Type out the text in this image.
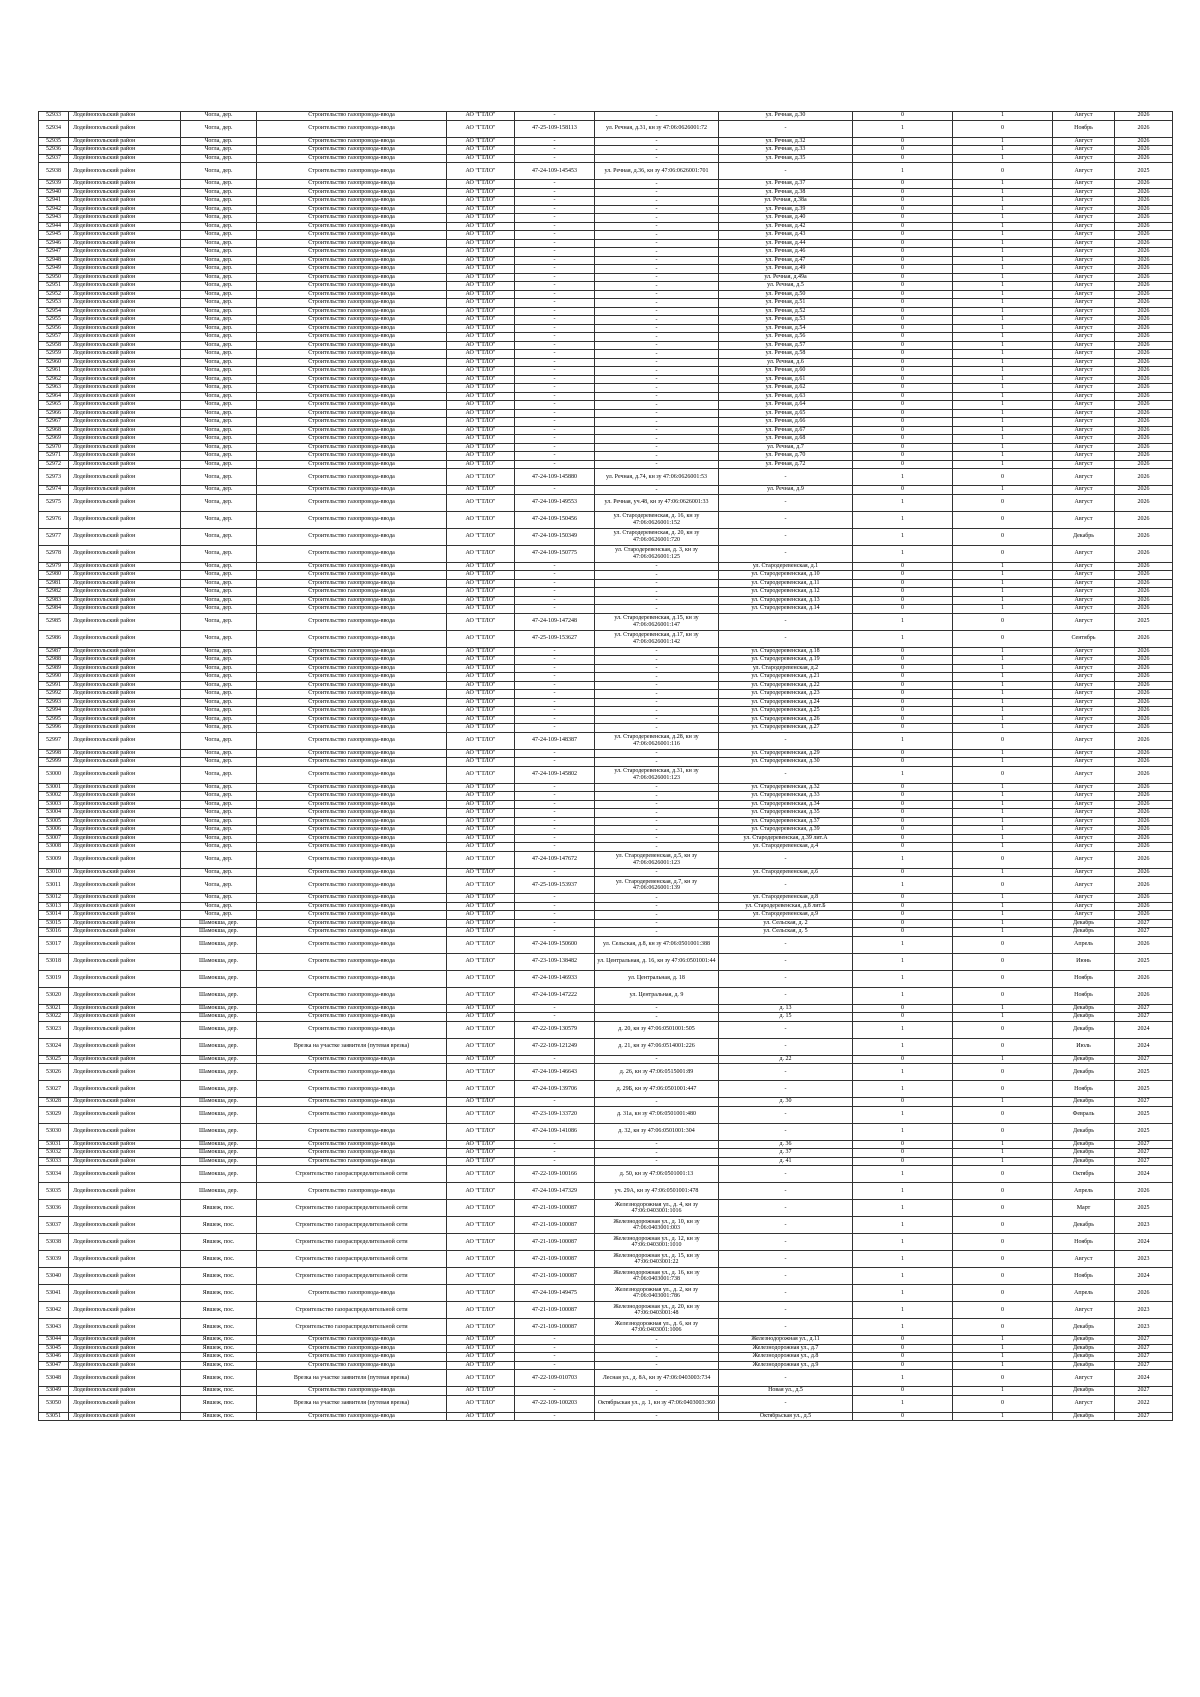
52933	Лодейнопольский район	Чогла, дер.	Строительство газопровода-ввода	АО "ГТЛО"	-	-	ул. Речная, д.30	0	1	Август	2026
52934	Лодейнопольский район	Чогла, дер.	Строительство газопровода-ввода	АО "ГТЛО"	47-25-109-158113	ул. Речная, д.31, кн зу 47:06:0626001:72	-	1	0	Ноябрь	2026
52935	Лодейнопольский район	Чогла, дер.	Строительство газопровода-ввода	АО "ГТЛО"	-	-	ул. Речная, д.32	0	1	Август	2026
52936	Лодейнопольский район	Чогла, дер.	Строительство газопровода-ввода	АО "ГТЛО"	-	-	ул. Речная, д.33	0	1	Август	2026
52937	Лодейнопольский район	Чогла, дер.	Строительство газопровода-ввода	АО "ГТЛО"	-	-	ул. Речная, д.35	0	1	Август	2026
52938	Лодейнопольский район	Чогла, дер.	Строительство газопровода-ввода	АО "ГТЛО"	47-24-109-145453	ул. Речная, д.36, кн зу 47:06:0626001:701	-	1	0	Август	2025
52939	Лодейнопольский район	Чогла, дер.	Строительство газопровода-ввода	АО "ГТЛО"	-	-	ул. Речная, д.37	0	1	Август	2026
52940	Лодейнопольский район	Чогла, дер.	Строительство газопровода-ввода	АО "ГТЛО"	-	-	ул. Речная, д.38	0	1	Август	2026
52941	Лодейнопольский район	Чогла, дер.	Строительство газопровода-ввода	АО "ГТЛО"	-	-	ул. Речная, д.38а	0	1	Август	2026
52942	Лодейнопольский район	Чогла, дер.	Строительство газопровода-ввода	АО "ГТЛО"	-	-	ул. Речная, д.39	0	1	Август	2026
52943	Лодейнопольский район	Чогла, дер.	Строительство газопровода-ввода	АО "ГТЛО"	-	-	ул. Речная, д.40	0	1	Август	2026
52944	Лодейнопольский район	Чогла, дер.	Строительство газопровода-ввода	АО "ГТЛО"	-	-	ул. Речная, д.42	0	1	Август	2026
52945	Лодейнопольский район	Чогла, дер.	Строительство газопровода-ввода	АО "ГТЛО"	-	-	ул. Речная, д.43	0	1	Август	2026
52946	Лодейнопольский район	Чогла, дер.	Строительство газопровода-ввода	АО "ГТЛО"	-	-	ул. Речная, д.44	0	1	Август	2026
52947	Лодейнопольский район	Чогла, дер.	Строительство газопровода-ввода	АО "ГТЛО"	-	-	ул. Речная, д.46	0	1	Август	2026
52948	Лодейнопольский район	Чогла, дер.	Строительство газопровода-ввода	АО "ГТЛО"	-	-	ул. Речная, д.47	0	1	Август	2026
52949	Лодейнопольский район	Чогла, дер.	Строительство газопровода-ввода	АО "ГТЛО"	-	-	ул. Речная, д.49	0	1	Август	2026
52950	Лодейнопольский район	Чогла, дер.	Строительство газопровода-ввода	АО "ГТЛО"	-	-	ул. Речная, д.49а	0	1	Август	2026
52951	Лодейнопольский район	Чогла, дер.	Строительство газопровода-ввода	АО "ГТЛО"	-	-	ул. Речная, д.5	0	1	Август	2026
52952	Лодейнопольский район	Чогла, дер.	Строительство газопровода-ввода	АО "ГТЛО"	-	-	ул. Речная, д.50	0	1	Август	2026
52953	Лодейнопольский район	Чогла, дер.	Строительство газопровода-ввода	АО "ГТЛО"	-	-	ул. Речная, д.51	0	1	Август	2026
52954	Лодейнопольский район	Чогла, дер.	Строительство газопровода-ввода	АО "ГТЛО"	-	-	ул. Речная, д.52	0	1	Август	2026
52955	Лодейнопольский район	Чогла, дер.	Строительство газопровода-ввода	АО "ГТЛО"	-	-	ул. Речная, д.53	0	1	Август	2026
52956	Лодейнопольский район	Чогла, дер.	Строительство газопровода-ввода	АО "ГТЛО"	-	-	ул. Речная, д.54	0	1	Август	2026
52957	Лодейнопольский район	Чогла, дер.	Строительство газопровода-ввода	АО "ГТЛО"	-	-	ул. Речная, д.56	0	1	Август	2026
52958	Лодейнопольский район	Чогла, дер.	Строительство газопровода-ввода	АО "ГТЛО"	-	-	ул. Речная, д.57	0	1	Август	2026
52959	Лодейнопольский район	Чогла, дер.	Строительство газопровода-ввода	АО "ГТЛО"	-	-	ул. Речная, д.58	0	1	Август	2026
52960	Лодейнопольский район	Чогла, дер.	Строительство газопровода-ввода	АО "ГТЛО"	-	-	ул. Речная, д.6	0	1	Август	2026
52961	Лодейнопольский район	Чогла, дер.	Строительство газопровода-ввода	АО "ГТЛО"	-	-	ул. Речная, д.60	0	1	Август	2026
52962	Лодейнопольский район	Чогла, дер.	Строительство газопровода-ввода	АО "ГТЛО"	-	-	ул. Речная, д.61	0	1	Август	2026
52963	Лодейнопольский район	Чогла, дер.	Строительство газопровода-ввода	АО "ГТЛО"	-	-	ул. Речная, д.62	0	1	Август	2026
52964	Лодейнопольский район	Чогла, дер.	Строительство газопровода-ввода	АО "ГТЛО"	-	-	ул. Речная, д.63	0	1	Август	2026
52965	Лодейнопольский район	Чогла, дер.	Строительство газопровода-ввода	АО "ГТЛО"	-	-	ул. Речная, д.64	0	1	Август	2026
52966	Лодейнопольский район	Чогла, дер.	Строительство газопровода-ввода	АО "ГТЛО"	-	-	ул. Речная, д.65	0	1	Август	2026
52967	Лодейнопольский район	Чогла, дер.	Строительство газопровода-ввода	АО "ГТЛО"	-	-	ул. Речная, д.66	0	1	Август	2026
52968	Лодейнопольский район	Чогла, дер.	Строительство газопровода-ввода	АО "ГТЛО"	-	-	ул. Речная, д.67	0	1	Август	2026
52969	Лодейнопольский район	Чогла, дер.	Строительство газопровода-ввода	АО "ГТЛО"	-	-	ул. Речная, д.68	0	1	Август	2026
52970	Лодейнопольский район	Чогла, дер.	Строительство газопровода-ввода	АО "ГТЛО"	-	-	ул. Речная, д.7	0	1	Август	2026
52971	Лодейнопольский район	Чогла, дер.	Строительство газопровода-ввода	АО "ГТЛО"	-	-	ул. Речная, д.70	0	1	Август	2026
52972	Лодейнопольский район	Чогла, дер.	Строительство газопровода-ввода	АО "ГТЛО"	-	-	ул. Речная, д.72	0	1	Август	2026
52973	Лодейнопольский район	Чогла, дер.	Строительство газопровода-ввода	АО "ГТЛО"	47-24-109-145880	ул. Речная, д.74, кн зу 47:06:0626001:53	-	1	0	Август	2026
52974	Лодейнопольский район	Чогла, дер.	Строительство газопровода-ввода	АО "ГТЛО"	-	-	ул. Речная, д.9	0	1	Август	2026
52975	Лодейнопольский район	Чогла, дер.	Строительство газопровода-ввода	АО "ГТЛО"	47-24-109-149553	ул. Речная, уч.48, кн зу 47:06:0626001:33	-	1	0	Август	2026
52976	Лодейнопольский район	Чогла, дер.	Строительство газопровода-ввода	АО "ГТЛО"	47-24-109-150456	ул. Стародеревенская, д. 16, кн зу 47:06:0626001:152	-	1	0	Август	2026
52977	Лодейнопольский район	Чогла, дер.	Строительство газопровода-ввода	АО "ГТЛО"	47-24-109-150349	ул. Стародеревенская, д. 20, кн зу 47:06:0626001:720	-	1	0	Декабрь	2026
52978	Лодейнопольский район	Чогла, дер.	Строительство газопровода-ввода	АО "ГТЛО"	47-24-109-150775	ул. Стародеревенская, д. 3, кн зу 47:06:0626001:125	-	1	0	Август	2026
52979	Лодейнопольский район	Чогла, дер.	Строительство газопровода-ввода	АО "ГТЛО"	-	-	ул. Стародеревенская, д.1	0	1	Август	2026
52980	Лодейнопольский район	Чогла, дер.	Строительство газопровода-ввода	АО "ГТЛО"	-	-	ул. Стародеревенская, д.10	0	1	Август	2026
52981	Лодейнопольский район	Чогла, дер.	Строительство газопровода-ввода	АО "ГТЛО"	-	-	ул. Стародеревенская, д.11	0	1	Август	2026
52982	Лодейнопольский район	Чогла, дер.	Строительство газопровода-ввода	АО "ГТЛО"	-	-	ул. Стародеревенская, д.12	0	1	Август	2026
52983	Лодейнопольский район	Чогла, дер.	Строительство газопровода-ввода	АО "ГТЛО"	-	-	ул. Стародеревенская, д.13	0	1	Август	2026
52984	Лодейнопольский район	Чогла, дер.	Строительство газопровода-ввода	АО "ГТЛО"	-	-	ул. Стародеревенская, д.14	0	1	Август	2026
52985	Лодейнопольский район	Чогла, дер.	Строительство газопровода-ввода	АО "ГТЛО"	47-24-109-147248	ул. Стародеревенская, д.15, кн зу 47:06:0626001:147	-	1	0	Август	2025
52986	Лодейнопольский район	Чогла, дер.	Строительство газопровода-ввода	АО "ГТЛО"	47-25-109-153627	ул. Стародеревенская, д.17, кн зу 47:06:0626001:142	-	1	0	Сентябрь	2026
52987	Лодейнопольский район	Чогла, дер.	Строительство газопровода-ввода	АО "ГТЛО"	-	-	ул. Стародеревенская, д.18	0	1	Август	2026
52988	Лодейнопольский район	Чогла, дер.	Строительство газопровода-ввода	АО "ГТЛО"	-	-	ул. Стародеревенская, д.19	0	1	Август	2026
52989	Лодейнопольский район	Чогла, дер.	Строительство газопровода-ввода	АО "ГТЛО"	-	-	ул. Стародеревенская, д.2	0	1	Август	2026
52990	Лодейнопольский район	Чогла, дер.	Строительство газопровода-ввода	АО "ГТЛО"	-	-	ул. Стародеревенская, д.21	0	1	Август	2026
52991	Лодейнопольский район	Чогла, дер.	Строительство газопровода-ввода	АО "ГТЛО"	-	-	ул. Стародеревенская, д.22	0	1	Август	2026
52992	Лодейнопольский район	Чогла, дер.	Строительство газопровода-ввода	АО "ГТЛО"	-	-	ул. Стародеревенская, д.23	0	1	Август	2026
52993	Лодейнопольский район	Чогла, дер.	Строительство газопровода-ввода	АО "ГТЛО"	-	-	ул. Стародеревенская, д.24	0	1	Август	2026
52994	Лодейнопольский район	Чогла, дер.	Строительство газопровода-ввода	АО "ГТЛО"	-	-	ул. Стародеревенская, д.25	0	1	Август	2026
52995	Лодейнопольский район	Чогла, дер.	Строительство газопровода-ввода	АО "ГТЛО"	-	-	ул. Стародеревенская, д.26	0	1	Август	2026
52996	Лодейнопольский район	Чогла, дер.	Строительство газопровода-ввода	АО "ГТЛО"	-	-	ул. Стародеревенская, д.27	0	1	Август	2026
52997	Лодейнопольский район	Чогла, дер.	Строительство газопровода-ввода	АО "ГТЛО"	47-24-109-148387	ул. Стародеревенская, д.28, кн зу 47:06:0626001:116	-	1	0	Август	2026
52998	Лодейнопольский район	Чогла, дер.	Строительство газопровода-ввода	АО "ГТЛО"	-	-	ул. Стародеревенская, д.29	0	1	Август	2026
52999	Лодейнопольский район	Чогла, дер.	Строительство газопровода-ввода	АО "ГТЛО"	-	-	ул. Стародеревенская, д.30	0	1	Август	2026
53000	Лодейнопольский район	Чогла, дер.	Строительство газопровода-ввода	АО "ГТЛО"	47-24-109-145802	ул. Стародеревенская, д.31, кн зу 47:06:0626001:123	-	1	0	Август	2026
53001	Лодейнопольский район	Чогла, дер.	Строительство газопровода-ввода	АО "ГТЛО"	-	-	ул. Стародеревенская, д.32	0	1	Август	2026
53002	Лодейнопольский район	Чогла, дер.	Строительство газопровода-ввода	АО "ГТЛО"	-	-	ул. Стародеревенская, д.33	0	1	Август	2026
53003	Лодейнопольский район	Чогла, дер.	Строительство газопровода-ввода	АО "ГТЛО"	-	-	ул. Стародеревенская, д.34	0	1	Август	2026
53004	Лодейнопольский район	Чогла, дер.	Строительство газопровода-ввода	АО "ГТЛО"	-	-	ул. Стародеревенская, д.35	0	1	Август	2026
53005	Лодейнопольский район	Чогла, дер.	Строительство газопровода-ввода	АО "ГТЛО"	-	-	ул. Стародеревенская, д.37	0	1	Август	2026
53006	Лодейнопольский район	Чогла, дер.	Строительство газопровода-ввода	АО "ГТЛО"	-	-	ул. Стародеревенская, д.39	0	1	Август	2026
53007	Лодейнопольский район	Чогла, дер.	Строительство газопровода-ввода	АО "ГТЛО"	-	-	ул. Стародеревенская, д.39 лит.А	0	1	Август	2026
53008	Лодейнопольский район	Чогла, дер.	Строительство газопровода-ввода	АО "ГТЛО"	-	-	ул. Стародеревенская, д.4	0	1	Август	2026
53009	Лодейнопольский район	Чогла, дер.	Строительство газопровода-ввода	АО "ГТЛО"	47-24-109-147672	ул. Стародеревенская, д.5, кн зу 47:06:0626001:123	-	1	0	Август	2026
53010	Лодейнопольский район	Чогла, дер.	Строительство газопровода-ввода	АО "ГТЛО"	-	-	ул. Стародеревенская, д.6	0	1	Август	2026
53011	Лодейнопольский район	Чогла, дер.	Строительство газопровода-ввода	АО "ГТЛО"	47-25-109-153937	ул. Стародеревенская, д.7, кн зу 47:06:0626001:139	-	1	0	Август	2026
53012	Лодейнопольский район	Чогла, дер.	Строительство газопровода-ввода	АО "ГТЛО"	-	-	ул. Стародеревенская, д.8	0	1	Август	2026
53013	Лодейнопольский район	Чогла, дер.	Строительство газопровода-ввода	АО "ГТЛО"	-	-	ул. Стародеревенская, д.8 лит.Б	0	1	Август	2026
53014	Лодейнопольский район	Чогла, дер.	Строительство газопровода-ввода	АО "ГТЛО"	-	-	ул. Стародеревенская, д.9	0	1	Август	2026
53015	Лодейнопольский район	Шамокша, дер.	Строительство газопровода-ввода	АО "ГТЛО"	-	-	ул. Сельская, д. 2	0	1	Декабрь	2027
53016	Лодейнопольский район	Шамокша, дер.	Строительство газопровода-ввода	АО "ГТЛО"	-	-	ул. Сельская, д. 5	0	1	Декабрь	2027
53017	Лодейнопольский район	Шамокша, дер.	Строительство газопровода-ввода	АО "ГТЛО"	47-24-109-150600	ул. Сельская, д.8, кн зу 47:06:0501001:388	-	1	0	Апрель	2026
53018	Лодейнопольский район	Шамокша, дер.	Строительство газопровода-ввода	АО "ГТЛО"	47-23-109-138482	ул. Центральная, д. 16, кн зу 47:06:0501001:44	-	1	0	Июнь	2025
53019	Лодейнопольский район	Шамокша, дер.	Строительство газопровода-ввода	АО "ГТЛО"	47-24-109-146933	ул. Центральная, д. 18	-	1	0	Ноябрь	2026
53020	Лодейнопольский район	Шамокша, дер.	Строительство газопровода-ввода	АО "ГТЛО"	47-24-109-147222	ул. Центральная, д. 9	-	1	0	Ноябрь	2026
53021	Лодейнопольский район	Шамокша, дер.	Строительство газопровода-ввода	АО "ГТЛО"	-	-	д. 13	0	1	Декабрь	2027
53022	Лодейнопольский район	Шамокша, дер.	Строительство газопровода-ввода	АО "ГТЛО"	-	-	д. 15	0	1	Декабрь	2027
53023	Лодейнопольский район	Шамокша, дер.	Строительство газопровода-ввода	АО "ГТЛО"	47-22-109-130579	д. 20, кн зу 47:06:0501001:505	-	1	0	Декабрь	2024
53024	Лодейнопольский район	Шамокша, дер.	Врезка на участке заявителя (путевая врезка)	АО "ГТЛО"	47-22-109-121249	д. 21, кн зу 47:06:0514001:226	-	1	0	Июль	2024
53025	Лодейнопольский район	Шамокша, дер.	Строительство газопровода-ввода	АО "ГТЛО"	-	-	д. 22	0	1	Декабрь	2027
53026	Лодейнопольский район	Шамокша, дер.	Строительство газопровода-ввода	АО "ГТЛО"	47-24-109-146643	д. 26, кн зу 47:06:0515001:89	-	1	0	Декабрь	2025
53027	Лодейнопольский район	Шамокша, дер.	Строительство газопровода-ввода	АО "ГТЛО"	47-24-109-139706	д. 29Б, кн зу 47:06:0501001:447	-	1	0	Ноябрь	2025
53028	Лодейнопольский район	Шамокша, дер.	Строительство газопровода-ввода	АО "ГТЛО"	-	-	д. 30	0	1	Декабрь	2027
53029	Лодейнопольский район	Шамокша, дер.	Строительство газопровода-ввода	АО "ГТЛО"	47-23-109-133720	д. 31а, кн зу 47:06:0501001:480	-	1	0	Февраль	2025
53030	Лодейнопольский район	Шамокша, дер.	Строительство газопровода-ввода	АО "ГТЛО"	47-24-109-141086	д. 32, кн зу 47:06:0501001:304	-	1	0	Декабрь	2025
53031	Лодейнопольский район	Шамокша, дер.	Строительство газопровода-ввода	АО "ГТЛО"	-	-	д. 36	0	1	Декабрь	2027
53032	Лодейнопольский район	Шамокша, дер.	Строительство газопровода-ввода	АО "ГТЛО"	-	-	д. 37	0	1	Декабрь	2027
53033	Лодейнопольский район	Шамокша, дер.	Строительство газопровода-ввода	АО "ГТЛО"	-	-	д. 41	0	1	Декабрь	2027
53034	Лодейнопольский район	Шамокша, дер.	Строительство газораспределительной сети	АО "ГТЛО"	47-22-109-100166	д. 50, кн зу 47:06:0501001:13	-	1	0	Октябрь	2024
53035	Лодейнопольский район	Шамокша, дер.	Строительство газопровода-ввода	АО "ГТЛО"	47-24-109-147329	уч. 29А, кн зу 47:06:0501001:478	-	1	0	Апрель	2026
53036	Лодейнопольский район	Явшеж, пос.	Строительство газораспределительной сети	АО "ГТЛО"	47-21-109-100087	Железнодорожная ул., д. 4, кн зу 47:06:0403001:1016	-	1	0	Март	2025
53037	Лодейнопольский район	Явшеж, пос.	Строительство газораспределительной сети	АО "ГТЛО"	47-21-109-100087	Железнодорожная ул., д. 10, кн зу 47:06:0403001:003	-	1	0	Декабрь	2023
53038	Лодейнопольский район	Явшеж, пос.	Строительство газораспределительной сети	АО "ГТЛО"	47-21-109-100087	Железнодорожная ул., д. 12, кн зу 47:06:0403001:1010	-	1	0	Ноябрь	2024
53039	Лодейнопольский район	Явшеж, пос.	Строительство газораспределительной сети	АО "ГТЛО"	47-21-109-100087	Железнодорожная ул., д. 15, кн зу 47:06:0403001:22	-	1	0	Август	2023
53040	Лодейнопольский район	Явшеж, пос.	Строительство газораспределительной сети	АО "ГТЛО"	47-21-109-100087	Железнодорожная ул., д. 16, кн зу 47:06:0403001:738	-	1	0	Ноябрь	2024
53041	Лодейнопольский район	Явшеж, пос.	Строительство газопровода-ввода	АО "ГТЛО"	47-24-109-149475	Железнодорожная ул., д. 2, кн зу 47:06:0403001:786	-	1	0	Апрель	2026
53042	Лодейнопольский район	Явшеж, пос.	Строительство газораспределительной сети	АО "ГТЛО"	47-21-109-100087	Железнодорожная ул., д. 20, кн зу 47:06:0403001:48	-	1	0	Август	2023
53043	Лодейнопольский район	Явшеж, пос.	Строительство газораспределительной сети	АО "ГТЛО"	47-21-109-100087	Железнодорожная ул., д. 6, кн зу 47:06:0403001:1006	-	1	0	Декабрь	2023
53044	Лодейнопольский район	Явшеж, пос.	Строительство газопровода-ввода	АО "ГТЛО"	-	-	Железнодорожная ул., д.11	0	1	Декабрь	2027
53045	Лодейнопольский район	Явшеж, пос.	Строительство газопровода-ввода	АО "ГТЛО"	-	-	Железнодорожная ул., д.7	0	1	Декабрь	2027
53046	Лодейнопольский район	Явшеж, пос.	Строительство газопровода-ввода	АО "ГТЛО"	-	-	Железнодорожная ул., д.8	0	1	Декабрь	2027
53047	Лодейнопольский район	Явшеж, пос.	Строительство газопровода-ввода	АО "ГТЛО"	-	-	Железнодорожная ул., д.9	0	1	Декабрь	2027
53048	Лодейнопольский район	Явшеж, пос.	Врезка на участке заявителя (путевая врезка)	АО "ГТЛО"	47-22-109-010703	Лесная ул., д. 8А, кн зу 47:06:0403003:734	-	1	0	Август	2024
53049	Лодейнопольский район	Явшеж, пос.	Строительство газопровода-ввода	АО "ГТЛО"	-	-	Новая ул., д.5	0	1	Декабрь	2027
53050	Лодейнопольский район	Явшеж, пос.	Врезка на участке заявителя (путевая врезка)	АО "ГТЛО"	47-22-109-100203	Октябрьская ул., д. 1, кн зу 47:06:0403003:360	-	1	0	Август	2022
53051	Лодейнопольский район	Явшеж, пос.	Строительство газопровода-ввода	АО "ГТЛО"	-	-	Октябрьская ул., д.5	0	1	Декабрь	2027
